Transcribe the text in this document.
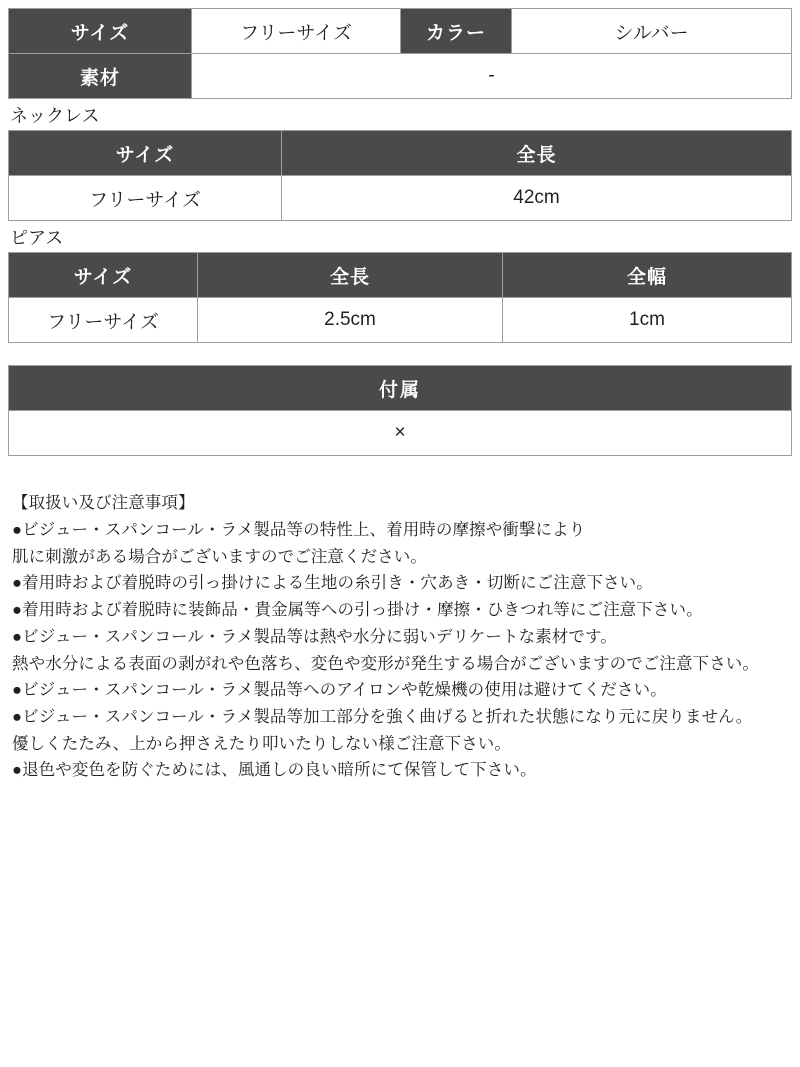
サイズ	フリーサイズ	カラー	シルバー
素材	-		
ネックレス
サイズ	全長
フリーサイズ	42cm
ピアス
サイズ	全長	全幅
フリーサイズ	2.5cm	1cm
付属
×
【取扱い及び注意事項】
●ビジュー・スパンコール・ラメ製品等の特性上、着用時の摩擦や衝撃により
肌に刺激がある場合がございますのでご注意ください。
●着用時および着脱時の引っ掛けによる生地の糸引き・穴あき・切断にご注意下さい。
●着用時および着脱時に装飾品・貴金属等への引っ掛け・摩擦・ひきつれ等にご注意下さい。
●ビジュー・スパンコール・ラメ製品等は熱や水分に弱いデリケートな素材です。
熱や水分による表面の剥がれや色落ち、変色や変形が発生する場合がございますのでご注意下さい。
●ビジュー・スパンコール・ラメ製品等へのアイロンや乾燥機の使用は避けてください。
●ビジュー・スパンコール・ラメ製品等加工部分を強く曲げると折れた状態になり元に戻りません。
優しくたたみ、上から押さえたり叩いたりしない様ご注意下さい。
●退色や変色を防ぐためには、風通しの良い暗所にて保管して下さい。
